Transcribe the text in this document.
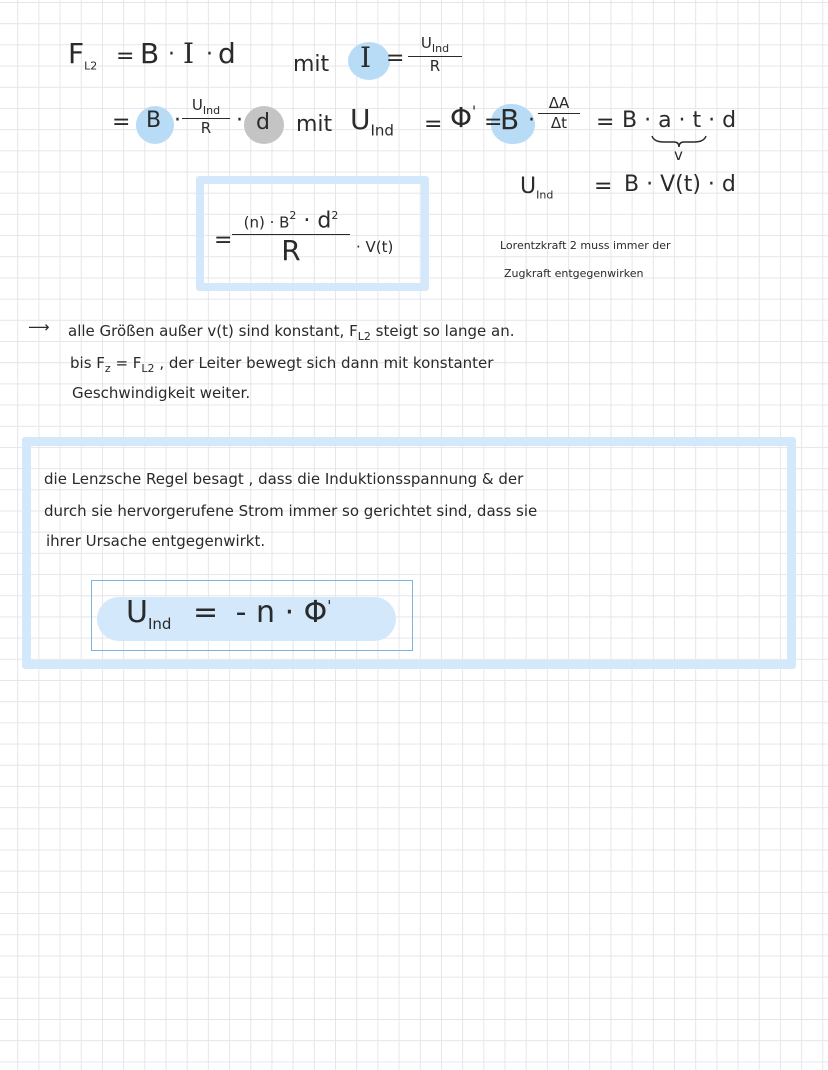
$F_{L2} = B \cdot I \cdot d$	mit I =
$U_{Ind}$
R
= B ·
$U_{Ind}$
R · d mit $U_{Ind} = \Phi'$ =
B ·
ΔA
Δt = B · a · t · d
v
$U_{Ind} = B \cdot V(t) \cdot d$
=
$(n) \cdot B^2 \cdot d^2$
R	· V(t)	Lorentzkraft 2 muss immer der
Zugkraft entgegenwirken
⟶ alle Größen außer v(t) sind konstant, $F_{L2}$ steigt so lange an.
bis $F_z = F_{L2}$ , der Leiter bewegt sich dann mit konstanter
Geschwindigkeit weiter.
die Lenzsche Regel besagt , dass die Induktionsspannung & der
durch sie hervorgerufene Strom immer so gerichtet sind, dass sie
ihrer Ursache entgegenwirkt.
$U_{Ind}$ = - n · Φ'
